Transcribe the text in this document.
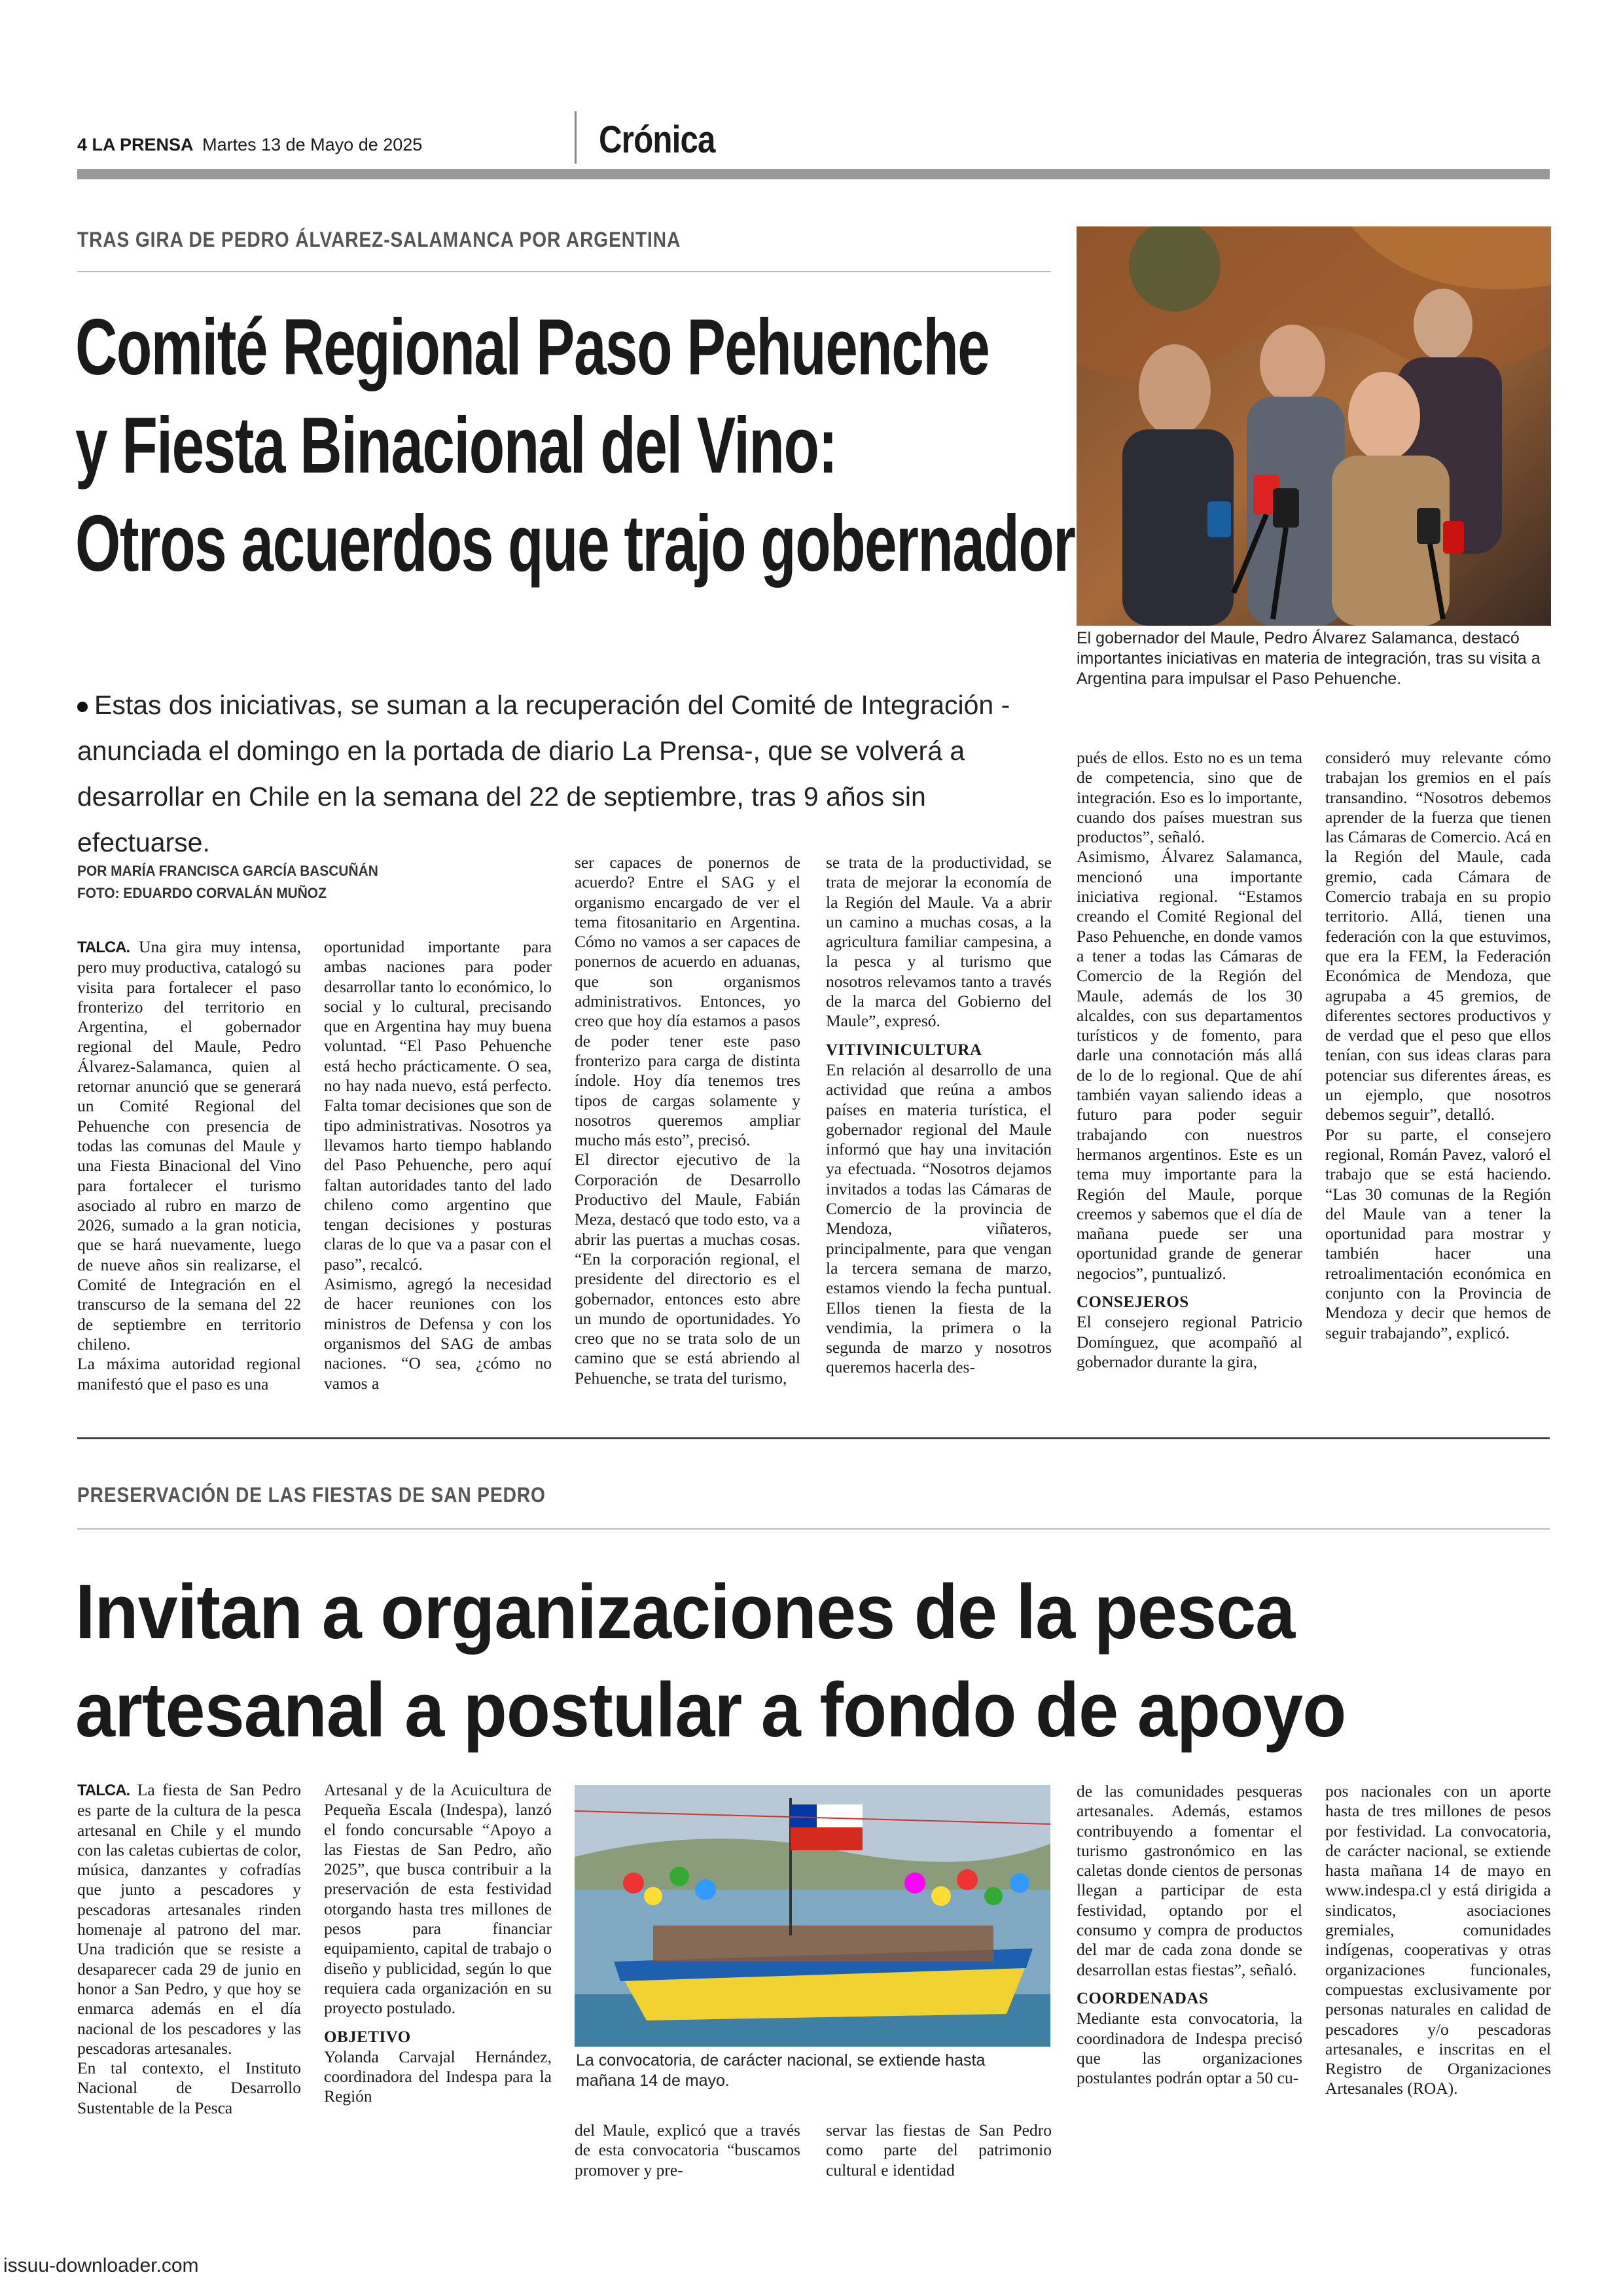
4 LA PRENSA Martes 13 de Mayo de 2025	Crónica
TRAS GIRA DE PEDRO ÁLVAREZ-SALAMANCA POR ARGENTINA
Comité Regional Paso Pehuenche
y Fiesta Binacional del Vino:
Otros acuerdos que trajo gobernador
Estas dos iniciativas, se suman a la recuperación del Comité de Integración -anunciada el domingo en la portada de diario La Prensa-, que se volverá a desarrollar en Chile en la semana del 22 de septiembre, tras 9 años sin efectuarse.
POR MARÍA FRANCISCA GARCÍA BASCUÑÁN
FOTO: EDUARDO CORVALÁN MUÑOZ
El gobernador del Maule, Pedro Álvarez Salamanca, destacó importantes iniciativas en materia de integración, tras su visita a Argentina para impulsar el Paso Pehuenche.

TALCA. Una gira muy intensa, pero muy productiva, catalogó su visita para fortalecer el paso fronterizo del territorio en Argentina, el gobernador regional del Maule, Pedro Álvarez-Salamanca, quien al retornar anunció que se generará un Comité Regional del Pehuenche con presencia de todas las comunas del Maule y una Fiesta Binacional del Vino para fortalecer el turismo asociado al rubro en marzo de 2026, sumado a la gran noticia, que se hará nuevamente, luego de nueve años sin realizarse, el Comité de Integración en el transcurso de la semana del 22 de septiembre en territorio chileno.

La máxima autoridad regional manifestó que el paso es una

oportunidad importante para ambas naciones para poder desarrollar tanto lo económico, lo social y lo cultural, precisando que en Argentina hay muy buena voluntad. “El Paso Pehuenche está hecho prácticamente. O sea, no hay nada nuevo, está perfecto. Falta tomar decisiones que son de tipo administrativas. Nosotros ya llevamos harto tiempo hablando del Paso Pehuenche, pero aquí faltan autoridades tanto del lado chileno como argentino que tengan decisiones y posturas claras de lo que va a pasar con el paso”, recalcó.

Asimismo, agregó la necesidad de hacer reuniones con los ministros de Defensa y con los organismos del SAG de ambas naciones. “O sea, ¿cómo no vamos a

ser capaces de ponernos de acuerdo? Entre el SAG y el organismo encargado de ver el tema fitosanitario en Argentina. Cómo no vamos a ser capaces de ponernos de acuerdo en aduanas, que son organismos administrativos. Entonces, yo creo que hoy día estamos a pasos de poder tener este paso fronterizo para carga de distinta índole. Hoy día tenemos tres tipos de cargas solamente y nosotros queremos ampliar mucho más esto”, precisó.

El director ejecutivo de la Corporación de Desarrollo Productivo del Maule, Fabián Meza, destacó que todo esto, va a abrir las puertas a muchas cosas. “En la corporación regional, el presidente del directorio es el gobernador, entonces esto abre un mundo de oportunidades. Yo creo que no se trata solo de un camino que se está abriendo al Pehuenche, se trata del turismo,

se trata de la productividad, se trata de mejorar la economía de la Región del Maule. Va a abrir un camino a muchas cosas, a la agricultura familiar campesina, a la pesca y al turismo que nosotros relevamos tanto a través de la marca del Gobierno del Maule”, expresó.

VITIVINICULTURA

En relación al desarrollo de una actividad que reúna a ambos países en materia turística, el gobernador regional del Maule informó que hay una invitación ya efectuada. “Nosotros dejamos invitados a todas las Cámaras de Comercio de la provincia de Mendoza, viñateros, principalmente, para que vengan la tercera semana de marzo, estamos viendo la fecha puntual. Ellos tienen la fiesta de la vendimia, la primera o la segunda de marzo y nosotros queremos hacerla des-

pués de ellos. Esto no es un tema de competencia, sino que de integración. Eso es lo importante, cuando dos países muestran sus productos”, señaló.

Asimismo, Álvarez Salamanca, mencionó una importante iniciativa regional. “Estamos creando el Comité Regional del Paso Pehuenche, en donde vamos a tener a todas las Cámaras de Comercio de la Región del Maule, además de los 30 alcaldes, con sus departamentos turísticos y de fomento, para darle una connotación más allá de lo de lo regional. Que de ahí también vayan saliendo ideas a futuro para poder seguir trabajando con nuestros hermanos argentinos. Este es un tema muy importante para la Región del Maule, porque creemos y sabemos que el día de mañana puede ser una oportunidad grande de generar negocios”, puntualizó.

CONSEJEROS

El consejero regional Patricio Domínguez, que acompañó al gobernador durante la gira,

consideró muy relevante cómo trabajan los gremios en el país transandino. “Nosotros debemos aprender de la fuerza que tienen las Cámaras de Comercio. Acá en la Región del Maule, cada gremio, cada Cámara de Comercio trabaja en su propio territorio. Allá, tienen una federación con la que estuvimos, que era la FEM, la Federación Económica de Mendoza, que agrupaba a 45 gremios, de diferentes sectores productivos y de verdad que el peso que ellos tenían, con sus ideas claras para potenciar sus diferentes áreas, es un ejemplo, que nosotros debemos seguir”, detalló.

Por su parte, el consejero regional, Román Pavez, valoró el trabajo que se está haciendo. “Las 30 comunas de la Región del Maule van a tener la oportunidad para mostrar y también hacer una retroalimentación económica en conjunto con la Provincia de Mendoza y decir que hemos de seguir trabajando”, explicó.

PRESERVACIÓN DE LAS FIESTAS DE SAN PEDRO
Invitan a organizaciones de la pesca
artesanal a postular a fondo de apoyo

TALCA. La fiesta de San Pedro es parte de la cultura de la pesca artesanal en Chile y el mundo con las caletas cubiertas de color, música, danzantes y cofradías que junto a pescadores y pescadoras artesanales rinden homenaje al patrono del mar. Una tradición que se resiste a desaparecer cada 29 de junio en honor a San Pedro, y que hoy se enmarca además en el día nacional de los pescadores y las pescadoras artesanales.

En tal contexto, el Instituto Nacional de Desarrollo Sustentable de la Pesca

Artesanal y de la Acuicultura de Pequeña Escala (Indespa), lanzó el fondo concursable “Apoyo a las Fiestas de San Pedro, año 2025”, que busca contribuir a la preservación de esta festividad otorgando hasta tres millones de pesos para financiar equipamiento, capital de trabajo o diseño y publicidad, según lo que requiera cada organización en su proyecto postulado.

OBJETIVO

Yolanda Carvajal Hernández, coordinadora del Indespa para la Región

La convocatoria, de carácter nacional, se extiende hasta mañana 14 de mayo.

del Maule, explicó que a través de esta convocatoria “buscamos promover y pre-

servar las fiestas de San Pedro como parte del patrimonio cultural e identidad

de las comunidades pesqueras artesanales. Además, estamos contribuyendo a fomentar el turismo gastronómico en las caletas donde cientos de personas llegan a participar de esta festividad, optando por el consumo y compra de productos del mar de cada zona donde se desarrollan estas fiestas”, señaló.

COORDENADAS

Mediante esta convocatoria, la coordinadora de Indespa precisó que las organizaciones postulantes podrán optar a 50 cu-

pos nacionales con un aporte hasta de tres millones de pesos por festividad. La convocatoria, de carácter nacional, se extiende hasta mañana 14 de mayo en www.indespa.cl y está dirigida a sindicatos, asociaciones gremiales, comunidades indígenas, cooperativas y otras organizaciones funcionales, compuestas exclusivamente por personas naturales en calidad de pescadores y/o pescadoras artesanales, e inscritas en el Registro de Organizaciones Artesanales (ROA).

issuu-downloader.com
